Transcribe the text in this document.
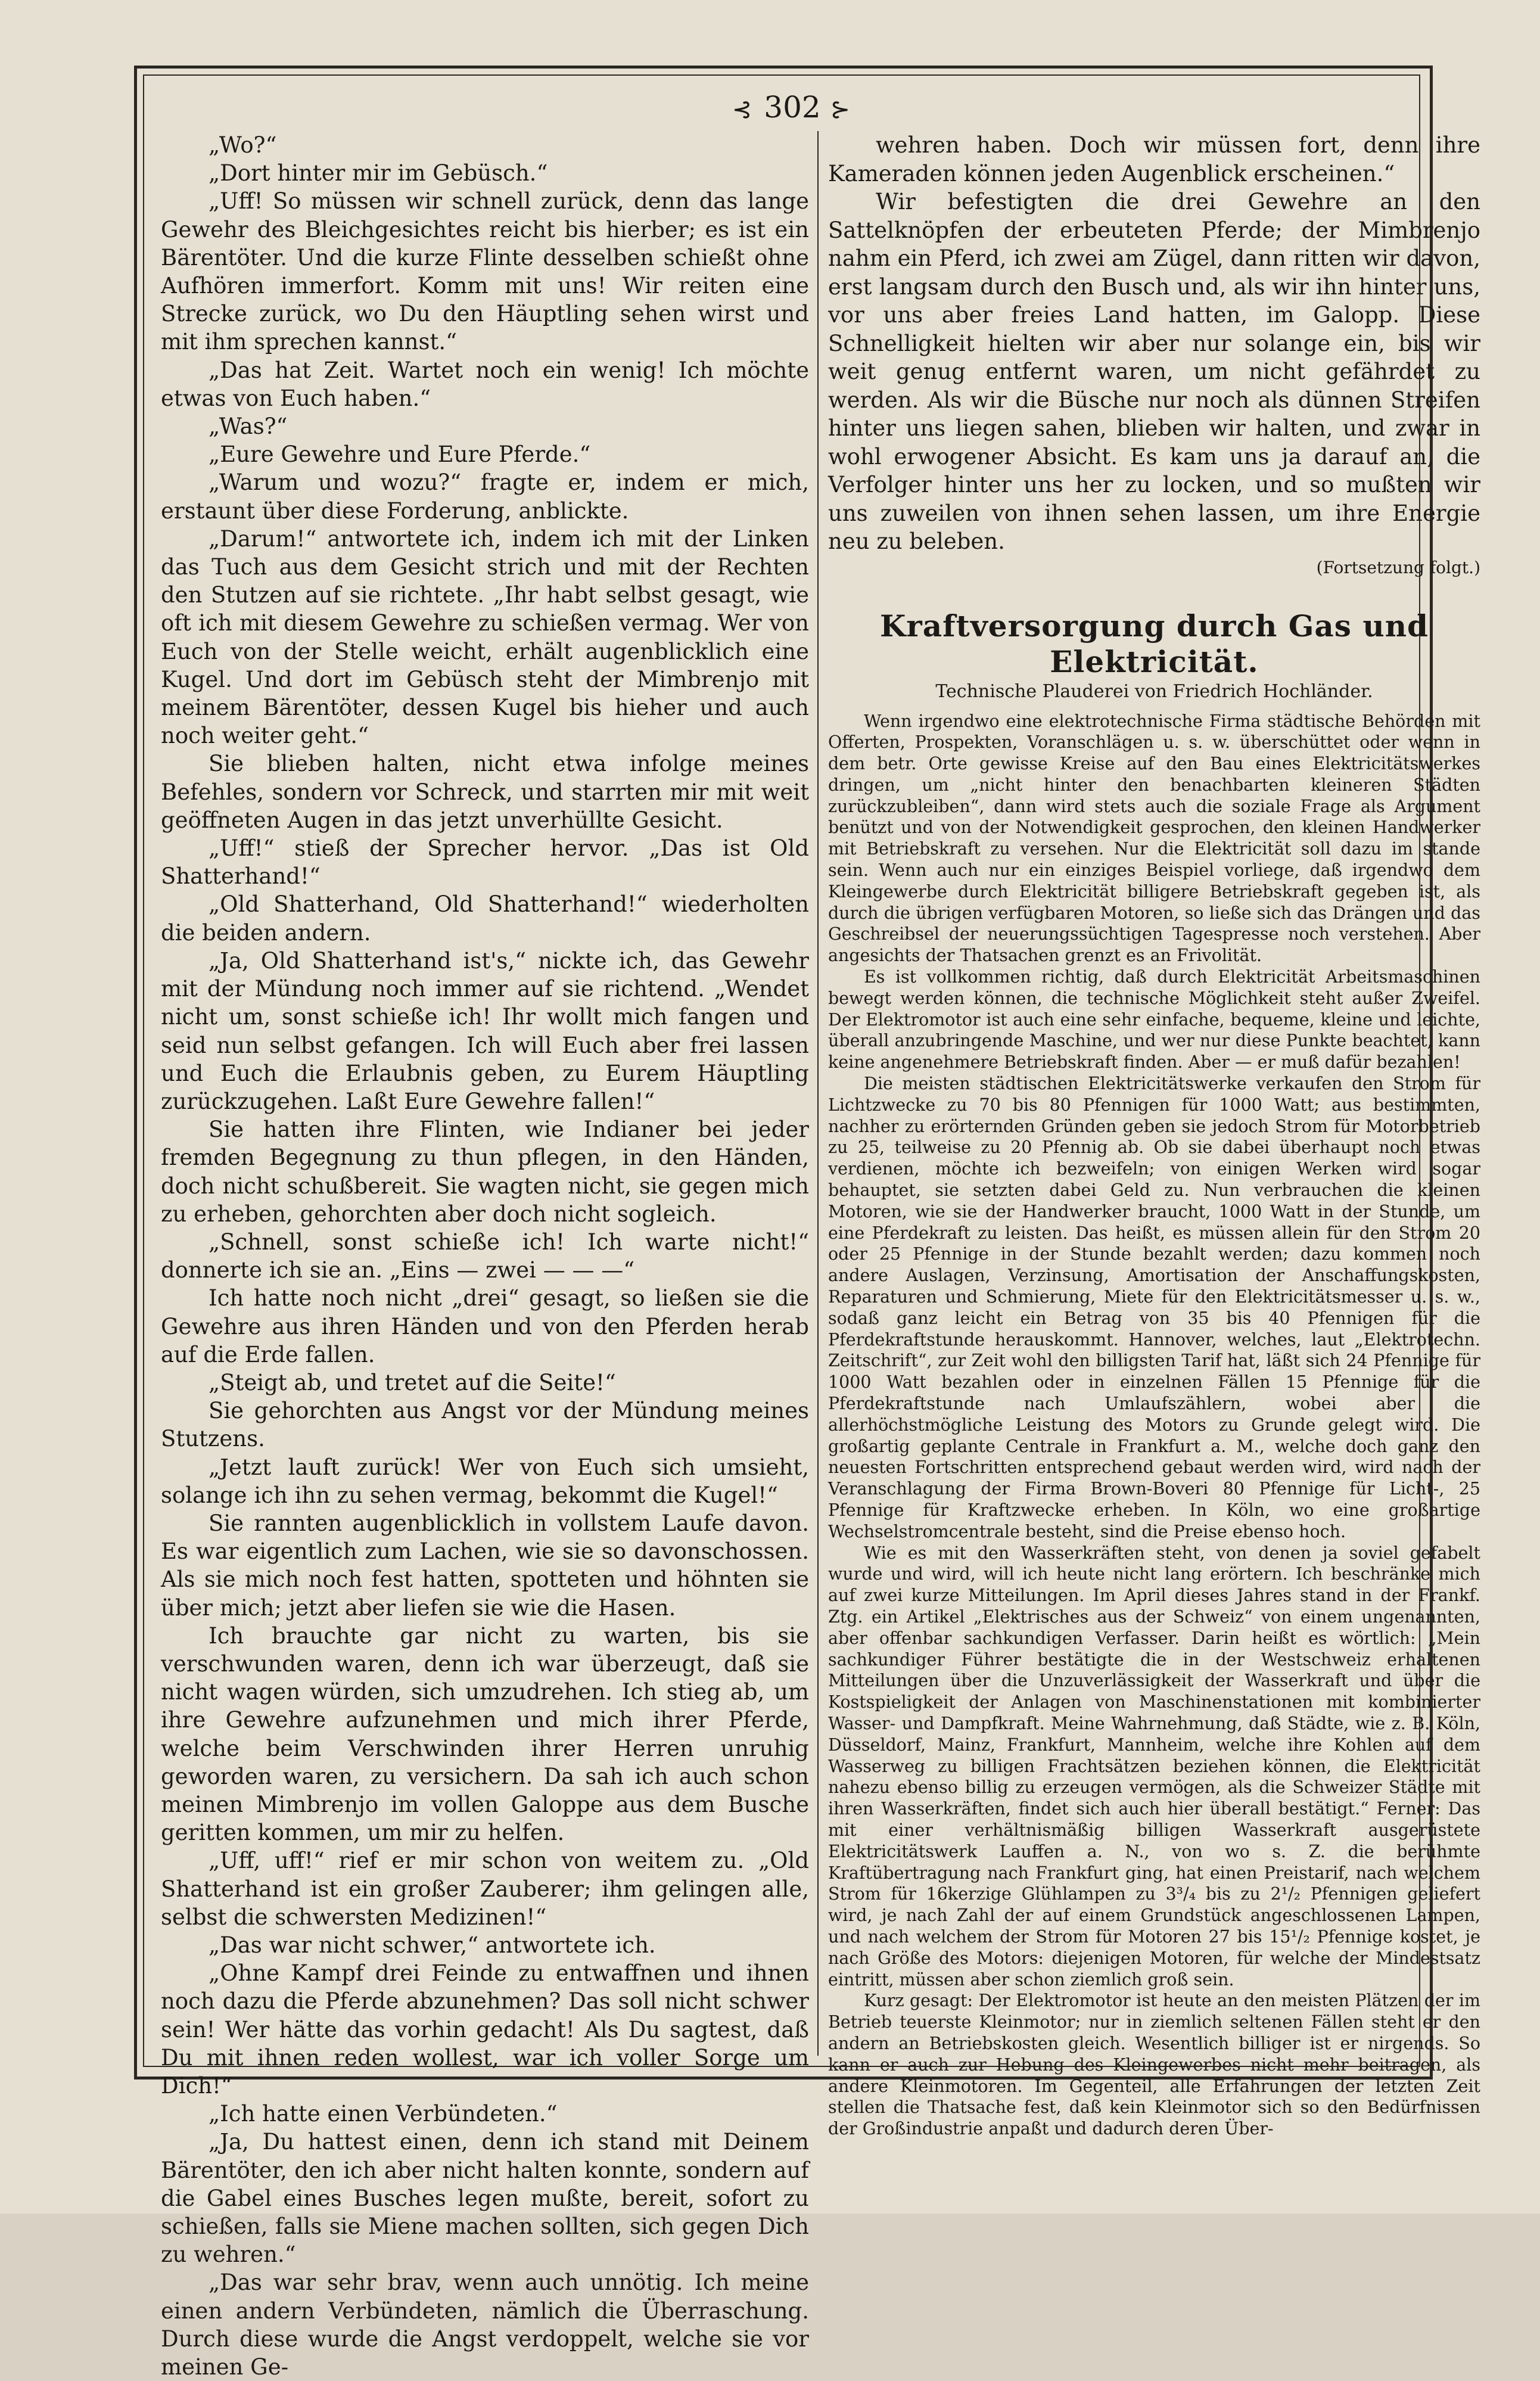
⊰ 302 ⊱

„Wo?“

„Dort hinter mir im Gebüsch.“

„Uff! So müssen wir schnell zurück, denn das lange Gewehr des Bleichgesichtes reicht bis hierber; es ist ein Bärentöter. Und die kurze Flinte desselben schießt ohne Aufhören immerfort. Komm mit uns! Wir reiten eine Strecke zurück, wo Du den Häuptling sehen wirst und mit ihm sprechen kannst.“

„Das hat Zeit. Wartet noch ein wenig! Ich möchte etwas von Euch haben.“

„Was?“

„Eure Gewehre und Eure Pferde.“

„Warum und wozu?“ fragte er, indem er mich, erstaunt über diese Forderung, anblickte.

„Darum!“ antwortete ich, indem ich mit der Linken das Tuch aus dem Gesicht strich und mit der Rechten den Stutzen auf sie richtete. „Ihr habt selbst gesagt, wie oft ich mit diesem Gewehre zu schießen vermag. Wer von Euch von der Stelle weicht, erhält augenblicklich eine Kugel. Und dort im Gebüsch steht der Mimbrenjo mit meinem Bärentöter, dessen Kugel bis hieher und auch noch weiter geht.“

Sie blieben halten, nicht etwa infolge meines Befehles, sondern vor Schreck, und starrten mir mit weit geöffneten Augen in das jetzt unverhüllte Gesicht.

„Uff!“ stieß der Sprecher hervor. „Das ist Old Shatterhand!“

„Old Shatterhand, Old Shatterhand!“ wiederholten die beiden andern.

„Ja, Old Shatterhand ist's,“ nickte ich, das Gewehr mit der Mündung noch immer auf sie richtend. „Wendet nicht um, sonst schieße ich! Ihr wollt mich fangen und seid nun selbst gefangen. Ich will Euch aber frei lassen und Euch die Erlaubnis geben, zu Eurem Häuptling zurückzugehen. Laßt Eure Gewehre fallen!“

Sie hatten ihre Flinten, wie Indianer bei jeder fremden Begegnung zu thun pflegen, in den Händen, doch nicht schußbereit. Sie wagten nicht, sie gegen mich zu erheben, gehorchten aber doch nicht sogleich.

„Schnell, sonst schieße ich! Ich warte nicht!“ donnerte ich sie an. „Eins — zwei — — —“

Ich hatte noch nicht „drei“ gesagt, so ließen sie die Gewehre aus ihren Händen und von den Pferden herab auf die Erde fallen.

„Steigt ab, und tretet auf die Seite!“

Sie gehorchten aus Angst vor der Mündung meines Stutzens.

„Jetzt lauft zurück! Wer von Euch sich umsieht, solange ich ihn zu sehen vermag, bekommt die Kugel!“

Sie rannten augenblicklich in vollstem Laufe davon. Es war eigentlich zum Lachen, wie sie so davonschossen. Als sie mich noch fest hatten, spotteten und höhnten sie über mich; jetzt aber liefen sie wie die Hasen.

Ich brauchte gar nicht zu warten, bis sie verschwunden waren, denn ich war überzeugt, daß sie nicht wagen würden, sich umzudrehen. Ich stieg ab, um ihre Gewehre aufzunehmen und mich ihrer Pferde, welche beim Verschwinden ihrer Herren unruhig geworden waren, zu versichern. Da sah ich auch schon meinen Mimbrenjo im vollen Galoppe aus dem Busche geritten kommen, um mir zu helfen.

„Uff, uff!“ rief er mir schon von weitem zu. „Old Shatterhand ist ein großer Zauberer; ihm gelingen alle, selbst die schwersten Medizinen!“

„Das war nicht schwer,“ antwortete ich.

„Ohne Kampf drei Feinde zu entwaffnen und ihnen noch dazu die Pferde abzunehmen? Das soll nicht schwer sein! Wer hätte das vorhin gedacht! Als Du sagtest, daß Du mit ihnen reden wollest, war ich voller Sorge um Dich!“

„Ich hatte einen Verbündeten.“

„Ja, Du hattest einen, denn ich stand mit Deinem Bärentöter, den ich aber nicht halten konnte, sondern auf die Gabel eines Busches legen mußte, bereit, sofort zu schießen, falls sie Miene machen sollten, sich gegen Dich zu wehren.“

„Das war sehr brav, wenn auch unnötig. Ich meine einen andern Verbündeten, nämlich die Überraschung. Durch diese wurde die Angst verdoppelt, welche sie vor meinen Ge-

wehren haben. Doch wir müssen fort, denn ihre Kameraden können jeden Augenblick erscheinen.“

Wir befestigten die drei Gewehre an den Sattelknöpfen der erbeuteten Pferde; der Mimbrenjo nahm ein Pferd, ich zwei am Zügel, dann ritten wir davon, erst langsam durch den Busch und, als wir ihn hinter uns, vor uns aber freies Land hatten, im Galopp. Diese Schnelligkeit hielten wir aber nur solange ein, bis wir weit genug entfernt waren, um nicht gefährdet zu werden. Als wir die Büsche nur noch als dünnen Streifen hinter uns liegen sahen, blieben wir halten, und zwar in wohl erwogener Absicht. Es kam uns ja darauf an, die Verfolger hinter uns her zu locken, und so mußten wir uns zuweilen von ihnen sehen lassen, um ihre Energie neu zu beleben.

(Fortsetzung folgt.)
Kraftversorgung durch Gas und Elektricität.
Technische Plauderei von Friedrich Hochländer.

Wenn irgendwo eine elektrotechnische Firma städtische Behörden mit Offerten, Prospekten, Voranschlägen u. s. w. überschüttet oder wenn in dem betr. Orte gewisse Kreise auf den Bau eines Elektricitätswerkes dringen, um „nicht hinter den benachbarten kleineren Städten zurückzubleiben“, dann wird stets auch die soziale Frage als Argument benützt und von der Notwendigkeit gesprochen, den kleinen Handwerker mit Betriebskraft zu versehen. Nur die Elektricität soll dazu im stande sein. Wenn auch nur ein einziges Beispiel vorliege, daß irgendwo dem Kleingewerbe durch Elektricität billigere Betriebskraft gegeben ist, als durch die übrigen verfügbaren Motoren, so ließe sich das Drängen und das Geschreibsel der neuerungssüchtigen Tagespresse noch verstehen. Aber angesichts der Thatsachen grenzt es an Frivolität.

Es ist vollkommen richtig, daß durch Elektricität Arbeitsmaschinen bewegt werden können, die technische Möglichkeit steht außer Zweifel. Der Elektromotor ist auch eine sehr einfache, bequeme, kleine und leichte, überall anzubringende Maschine, und wer nur diese Punkte beachtet, kann keine angenehmere Betriebskraft finden. Aber — er muß dafür bezahlen!

Die meisten städtischen Elektricitätswerke verkaufen den Strom für Lichtzwecke zu 70 bis 80 Pfennigen für 1000 Watt; aus bestimmten, nachher zu erörternden Gründen geben sie jedoch Strom für Motorbetrieb zu 25, teilweise zu 20 Pfennig ab. Ob sie dabei überhaupt noch etwas verdienen, möchte ich bezweifeln; von einigen Werken wird sogar behauptet, sie setzten dabei Geld zu. Nun verbrauchen die kleinen Motoren, wie sie der Handwerker braucht, 1000 Watt in der Stunde, um eine Pferdekraft zu leisten. Das heißt, es müssen allein für den Strom 20 oder 25 Pfennige in der Stunde bezahlt werden; dazu kommen noch andere Auslagen, Verzinsung, Amortisation der Anschaffungskosten, Reparaturen und Schmierung, Miete für den Elektricitätsmesser u. s. w., sodaß ganz leicht ein Betrag von 35 bis 40 Pfennigen für die Pferdekraftstunde herauskommt. Hannover, welches, laut „Elektrotechn. Zeitschrift“, zur Zeit wohl den billigsten Tarif hat, läßt sich 24 Pfennige für 1000 Watt bezahlen oder in einzelnen Fällen 15 Pfennige für die Pferdekraftstunde nach Umlaufszählern, wobei aber die allerhöchstmögliche Leistung des Motors zu Grunde gelegt wird. Die großartig geplante Centrale in Frankfurt a. M., welche doch ganz den neuesten Fortschritten entsprechend gebaut werden wird, wird nach der Veranschlagung der Firma Brown-Boveri 80 Pfennige für Licht-, 25 Pfennige für Kraftzwecke erheben. In Köln, wo eine großartige Wechselstromcentrale besteht, sind die Preise ebenso hoch.

Wie es mit den Wasserkräften steht, von denen ja soviel gefabelt wurde und wird, will ich heute nicht lang erörtern. Ich beschränke mich auf zwei kurze Mitteilungen. Im April dieses Jahres stand in der Frankf. Ztg. ein Artikel „Elektrisches aus der Schweiz“ von einem ungenannten, aber offenbar sachkundigen Verfasser. Darin heißt es wörtlich: „Mein sachkundiger Führer bestätigte die in der Westschweiz erhaltenen Mitteilungen über die Unzuverlässigkeit der Wasserkraft und über die Kostspieligkeit der Anlagen von Maschinenstationen mit kombinierter Wasser- und Dampfkraft. Meine Wahrnehmung, daß Städte, wie z. B. Köln, Düsseldorf, Mainz, Frankfurt, Mannheim, welche ihre Kohlen auf dem Wasserweg zu billigen Frachtsätzen beziehen können, die Elektricität nahezu ebenso billig zu erzeugen vermögen, als die Schweizer Städte mit ihren Wasserkräften, findet sich auch hier überall bestätigt.“ Ferner: Das mit einer verhältnismäßig billigen Wasserkraft ausgerüstete Elektricitätswerk Lauffen a. N., von wo s. Z. die berühmte Kraftübertragung nach Frankfurt ging, hat einen Preistarif, nach welchem Strom für 16kerzige Glühlampen zu 3³/₄ bis zu 2¹/₂ Pfennigen geliefert wird, je nach Zahl der auf einem Grundstück angeschlossenen Lampen, und nach welchem der Strom für Motoren 27 bis 15¹/₂ Pfennige kostet, je nach Größe des Motors: diejenigen Motoren, für welche der Mindestsatz eintritt, müssen aber schon ziemlich groß sein.

Kurz gesagt: Der Elektromotor ist heute an den meisten Plätzen der im Betrieb teuerste Kleinmotor; nur in ziemlich seltenen Fällen steht er den andern an Betriebskosten gleich. Wesentlich billiger ist er nirgends. So kann er auch zur Hebung des Kleingewerbes nicht mehr beitragen, als andere Kleinmotoren. Im Gegenteil, alle Erfahrungen der letzten Zeit stellen die Thatsache fest, daß kein Kleinmotor sich so den Bedürfnissen der Großindustrie anpaßt und dadurch deren Über-
